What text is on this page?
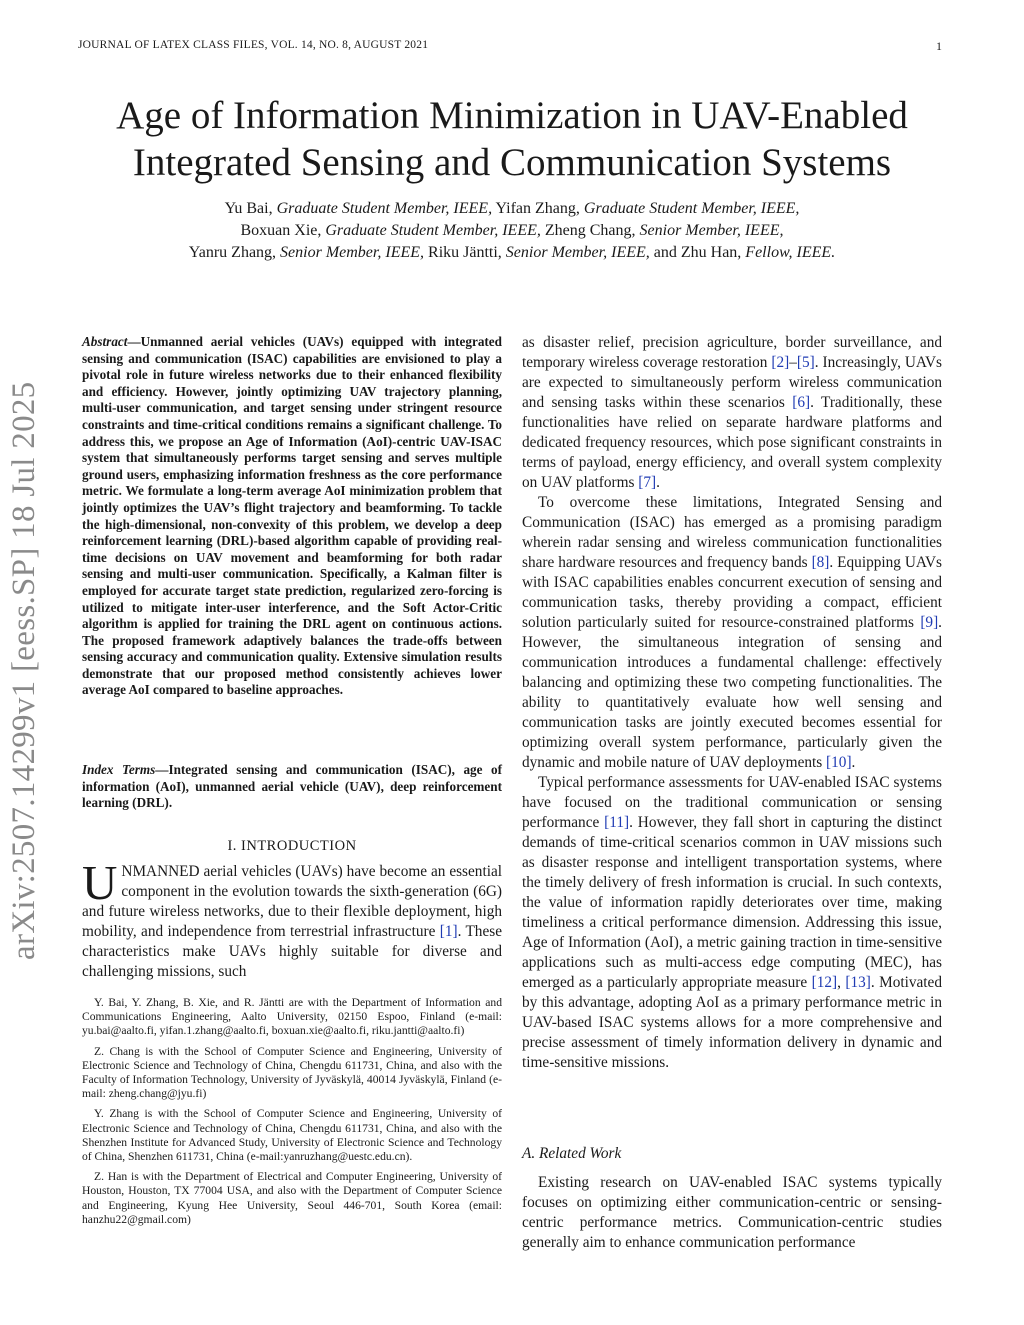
JOURNAL OF LATEX CLASS FILES, VOL. 14, NO. 8, AUGUST 2021	1
Age of Information Minimization in UAV-Enabled
Integrated Sensing and Communication Systems
Yu Bai, Graduate Student Member, IEEE, Yifan Zhang, Graduate Student Member, IEEE,
Boxuan Xie, Graduate Student Member, IEEE, Zheng Chang, Senior Member, IEEE,
Yanru Zhang, Senior Member, IEEE, Riku Jäntti, Senior Member, IEEE, and Zhu Han, Fellow, IEEE.
arXiv:2507.14299v1 [eess.SP] 18 Jul 2025
Abstract—Unmanned aerial vehicles (UAVs) equipped with integrated sensing and communication (ISAC) capabilities are envisioned to play a pivotal role in future wireless networks due to their enhanced flexibility and efficiency. However, jointly optimizing UAV trajectory planning, multi-user communication, and target sensing under stringent resource constraints and time-critical conditions remains a significant challenge. To address this, we propose an Age of Information (AoI)-centric UAV-ISAC system that simultaneously performs target sensing and serves multiple ground users, emphasizing information freshness as the core performance metric. We formulate a long-term average AoI minimization problem that jointly optimizes the UAV’s flight trajectory and beamforming. To tackle the high-dimensional, non-convexity of this problem, we develop a deep reinforcement learning (DRL)-based algorithm capable of providing real-time decisions on UAV movement and beamforming for both radar sensing and multi-user communication. Specifically, a Kalman filter is employed for accurate target state prediction, regularized zero-forcing is utilized to mitigate inter-user interference, and the Soft Actor-Critic algorithm is applied for training the DRL agent on continuous actions. The proposed framework adaptively balances the trade-offs between sensing accuracy and communication quality. Extensive simulation results demonstrate that our proposed method consistently achieves lower average AoI compared to baseline approaches.
Index Terms—Integrated sensing and communication (ISAC), age of information (AoI), unmanned aerial vehicle (UAV), deep reinforcement learning (DRL).
I. INTRODUCTION
UNMANNED aerial vehicles (UAVs) have become an essential component in the evolution towards the sixth-generation (6G) and future wireless networks, due to their flexible deployment, high mobility, and independence from terrestrial infrastructure [1]. These characteristics make UAVs highly suitable for diverse and challenging missions, such

Y. Bai, Y. Zhang, B. Xie, and R. Jäntti are with the Department of Information and Communications Engineering, Aalto University, 02150 Espoo, Finland (e-mail: yu.bai@aalto.fi, yifan.1.zhang@aalto.fi, boxuan.xie@aalto.fi, riku.jantti@aalto.fi)

Z. Chang is with the School of Computer Science and Engineering, University of Electronic Science and Technology of China, Chengdu 611731, China, and also with the Faculty of Information Technology, University of Jyväskylä, 40014 Jyväskylä, Finland (e-mail: zheng.chang@jyu.fi)

Y. Zhang is with the School of Computer Science and Engineering, University of Electronic Science and Technology of China, Chengdu 611731, China, and also with the Shenzhen Institute for Advanced Study, University of Electronic Science and Technology of China, Shenzhen 611731, China (e-mail:yanruzhang@uestc.edu.cn).

Z. Han is with the Department of Electrical and Computer Engineering, University of Houston, Houston, TX 77004 USA, and also with the Department of Computer Science and Engineering, Kyung Hee University, Seoul 446-701, South Korea (email: hanzhu22@gmail.com)

as disaster relief, precision agriculture, border surveillance, and temporary wireless coverage restoration [2]–[5]. Increasingly, UAVs are expected to simultaneously perform wireless communication and sensing tasks within these scenarios [6]. Traditionally, these functionalities have relied on separate hardware platforms and dedicated frequency resources, which pose significant constraints in terms of payload, energy efficiency, and overall system complexity on UAV platforms [7].

To overcome these limitations, Integrated Sensing and Communication (ISAC) has emerged as a promising paradigm wherein radar sensing and wireless communication functionalities share hardware resources and frequency bands [8]. Equipping UAVs with ISAC capabilities enables concurrent execution of sensing and communication tasks, thereby providing a compact, efficient solution particularly suited for resource-constrained platforms [9]. However, the simultaneous integration of sensing and communication introduces a fundamental challenge: effectively balancing and optimizing these two competing functionalities. The ability to quantitatively evaluate how well sensing and communication tasks are jointly executed becomes essential for optimizing overall system performance, particularly given the dynamic and mobile nature of UAV deployments [10].

Typical performance assessments for UAV-enabled ISAC systems have focused on the traditional communication or sensing performance [11]. However, they fall short in capturing the distinct demands of time-critical scenarios common in UAV missions such as disaster response and intelligent transportation systems, where the timely delivery of fresh information is crucial. In such contexts, the value of information rapidly deteriorates over time, making timeliness a critical performance dimension. Addressing this issue, Age of Information (AoI), a metric gaining traction in time-sensitive applications such as multi-access edge computing (MEC), has emerged as a particularly appropriate measure [12], [13]. Motivated by this advantage, adopting AoI as a primary performance metric in UAV-based ISAC systems allows for a more comprehensive and precise assessment of timely information delivery in dynamic and time-sensitive missions.

A. Related Work

Existing research on UAV-enabled ISAC systems typically focuses on optimizing either communication-centric or sensing-centric performance metrics. Communication-centric studies generally aim to enhance communication performance
